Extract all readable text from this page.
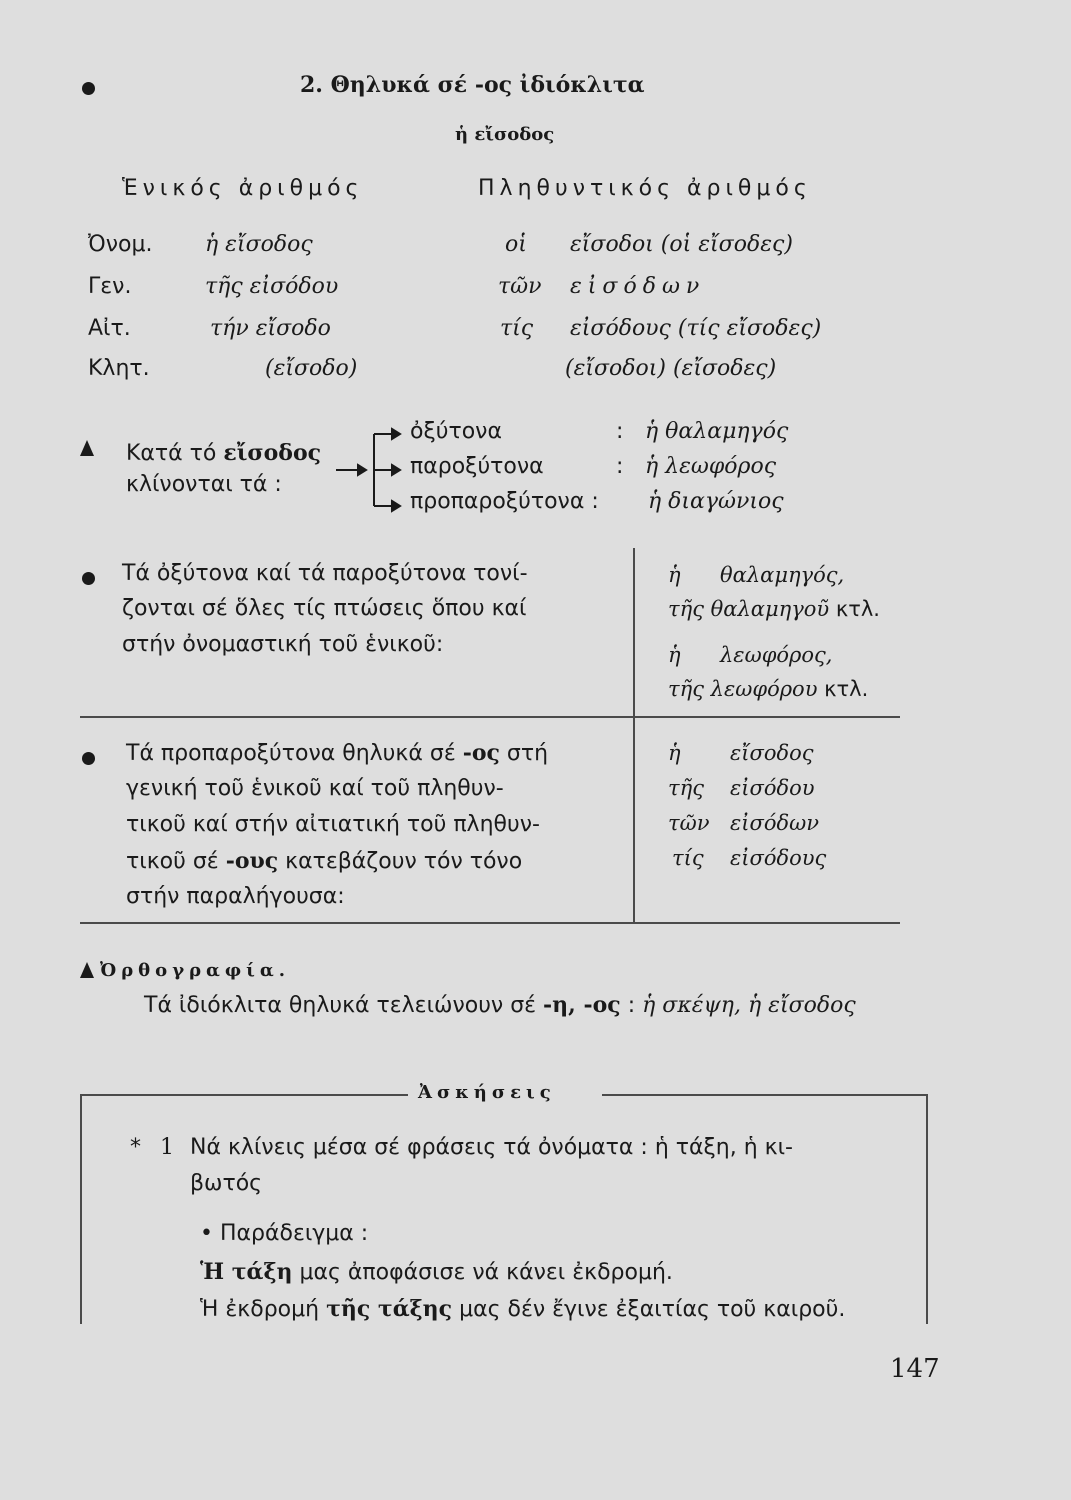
2. Θηλυκά σέ -ος ἰδιόκλιτα
ἡ εἴσοδος
Ἑνικός ἀριθμός	Πληθυντικός ἀριθμός
Ὀνομ. ἡ εἴσοδος	οἱ εἴσοδοι (οἱ εἴσοδες)
Γεν.	τῆς εἰσόδου	τῶν εἰσόδων
Αἰτ.	τήν εἴσοδο	τίς εἰσόδους (τίς εἴσοδες)
Κλητ.	(εἴσοδο)	(εἴσοδοι) (εἴσοδες)
Κατά τό εἴσοδος
κλίνονται τά :
ὀξύτονα	: ἡ θαλαμηγός
παροξύτονα	: ἡ λεωφόρος
προπαροξύτονα : ἡ διαγώνιος
Τά ὀξύτονα καί τά παροξύτονα τονί-
ζονται σέ ὅλες τίς πτώσεις ὅπου καί
στήν ὀνομαστική τοῦ ἑνικοῦ:
ἡ θαλαμηγός,
τῆς θαλαμηγοῦ κτλ.
ἡ λεωφόρος,
τῆς λεωφόρου κτλ.
Τά προπαροξύτονα θηλυκά σέ -ος στή
γενική τοῦ ἑνικοῦ καί τοῦ πληθυν-
τικοῦ καί στήν αἰτιατική τοῦ πληθυν-
τικοῦ σέ -ους κατεβάζουν τόν τόνο
στήν παραλήγουσα:
ἡ εἴσοδος
τῆς εἰσόδου
τῶν εἰσόδων
τίς εἰσόδους
Ὀρθογραφία.
Τά ἰδιόκλιτα θηλυκά τελειώνουν σέ -η, -ος : ἡ σκέψη, ἡ εἴσοδος
Ἀσκήσεις
* 1 Νά κλίνεις μέσα σέ φράσεις τά ὀνόματα : ἡ τάξη, ἡ κι-
βωτός
• Παράδειγμα :
Ἡ τάξη μας ἀποφάσισε νά κάνει ἐκδρομή.
Ἡ ἐκδρομή τῆς τάξης μας δέν ἔγινε ἐξαιτίας τοῦ καιροῦ.
147
